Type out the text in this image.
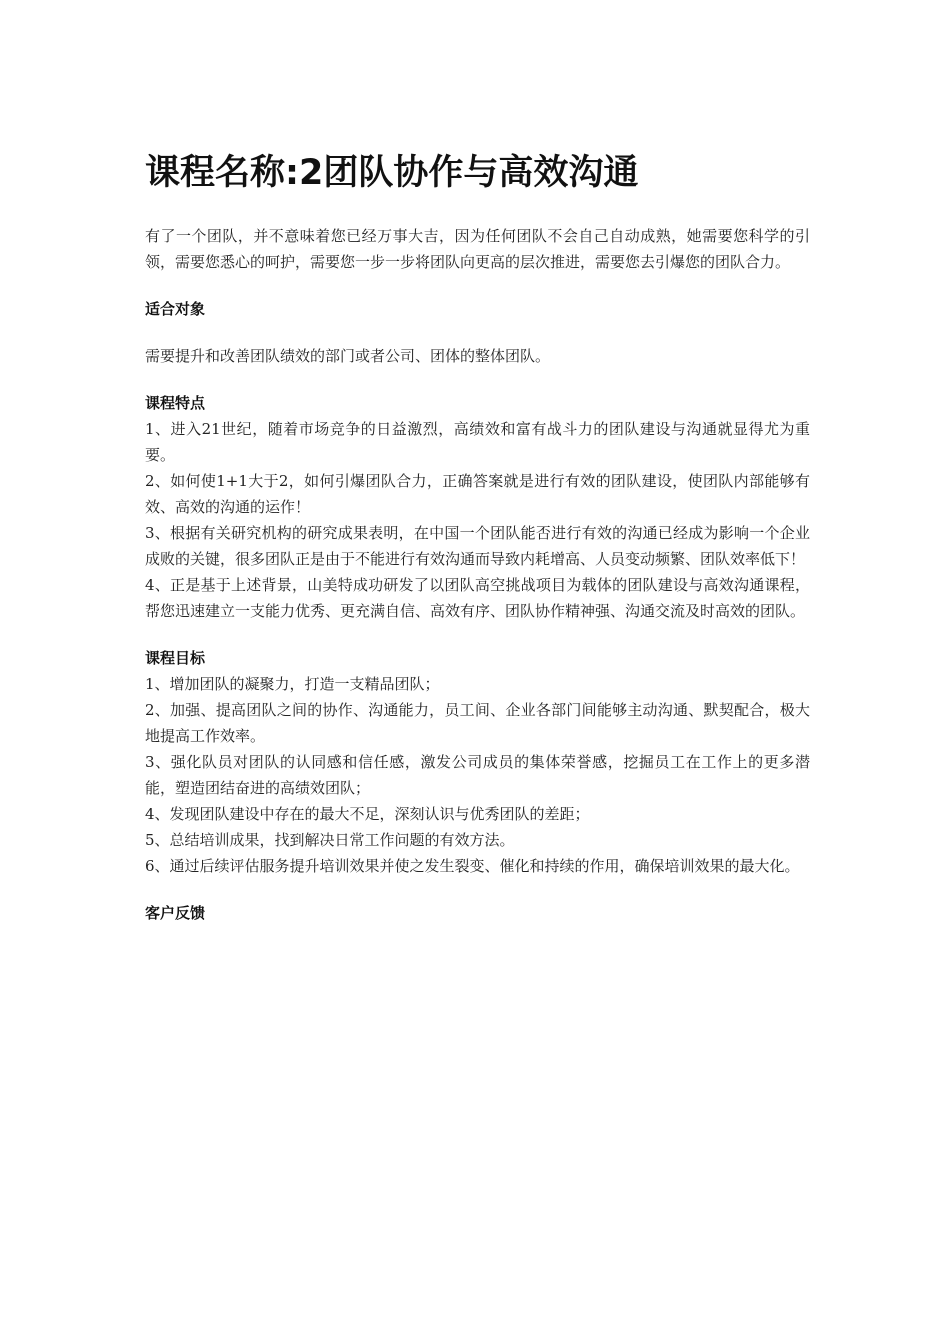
课程名称:2团队协作与高效沟通

有了一个团队，并不意味着您已经万事大吉，因为任何团队不会自己自动成熟，她需要您科学的引领，需要您悉心的呵护，需要您一步一步将团队向更高的层次推进，需要您去引爆您的团队合力。

适合对象

需要提升和改善团队绩效的部门或者公司、团体的整体团队。

课程特点
1、进入21世纪，随着市场竞争的日益激烈，高绩效和富有战斗力的团队建设与沟通就显得尤为重要。
2、如何使1+1大于2，如何引爆团队合力，正确答案就是进行有效的团队建设，使团队内部能够有效、高效的沟通的运作！
3、根据有关研究机构的研究成果表明，在中国一个团队能否进行有效的沟通已经成为影响一个企业成败的关键，很多团队正是由于不能进行有效沟通而导致内耗增高、人员变动频繁、团队效率低下！
4、正是基于上述背景，山美特成功研发了以团队高空挑战项目为载体的团队建设与高效沟通课程，帮您迅速建立一支能力优秀、更充满自信、高效有序、团队协作精神强、沟通交流及时高效的团队。
课程目标
1、增加团队的凝聚力，打造一支精品团队；
2、加强、提高团队之间的协作、沟通能力，员工间、企业各部门间能够主动沟通、默契配合，极大地提高工作效率。
3、强化队员对团队的认同感和信任感，激发公司成员的集体荣誉感，挖掘员工在工作上的更多潜能，塑造团结奋进的高绩效团队；
4、发现团队建设中存在的最大不足，深刻认识与优秀团队的差距；
5、总结培训成果，找到解决日常工作问题的有效方法。
6、通过后续评估服务提升培训效果并使之发生裂变、催化和持续的作用，确保培训效果的最大化。
客户反馈
